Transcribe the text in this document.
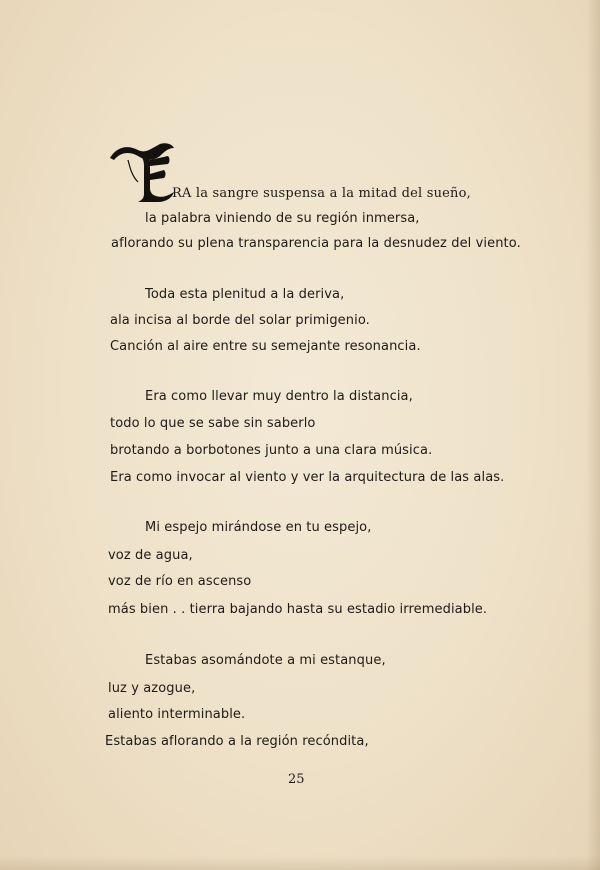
RA la sangre suspensa a la mitad del sueño,
la palabra viniendo de su región inmersa,
aflorando su plena transparencia para la desnudez del viento.
Toda esta plenitud a la deriva,
ala incisa al borde del solar primigenio.
Canción al aire entre su semejante resonancia.
Era como llevar muy dentro la distancia,
todo lo que se sabe sin saberlo
brotando a borbotones junto a una clara música.
Era como invocar al viento y ver la arquitectura de las alas.
Mi espejo mirándose en tu espejo,
voz de agua,
voz de río en ascenso
más bien . . tierra bajando hasta su estadio irremediable.
Estabas asomándote a mi estanque,
luz y azogue,
aliento interminable.
Estabas aflorando a la región recóndita,
25
